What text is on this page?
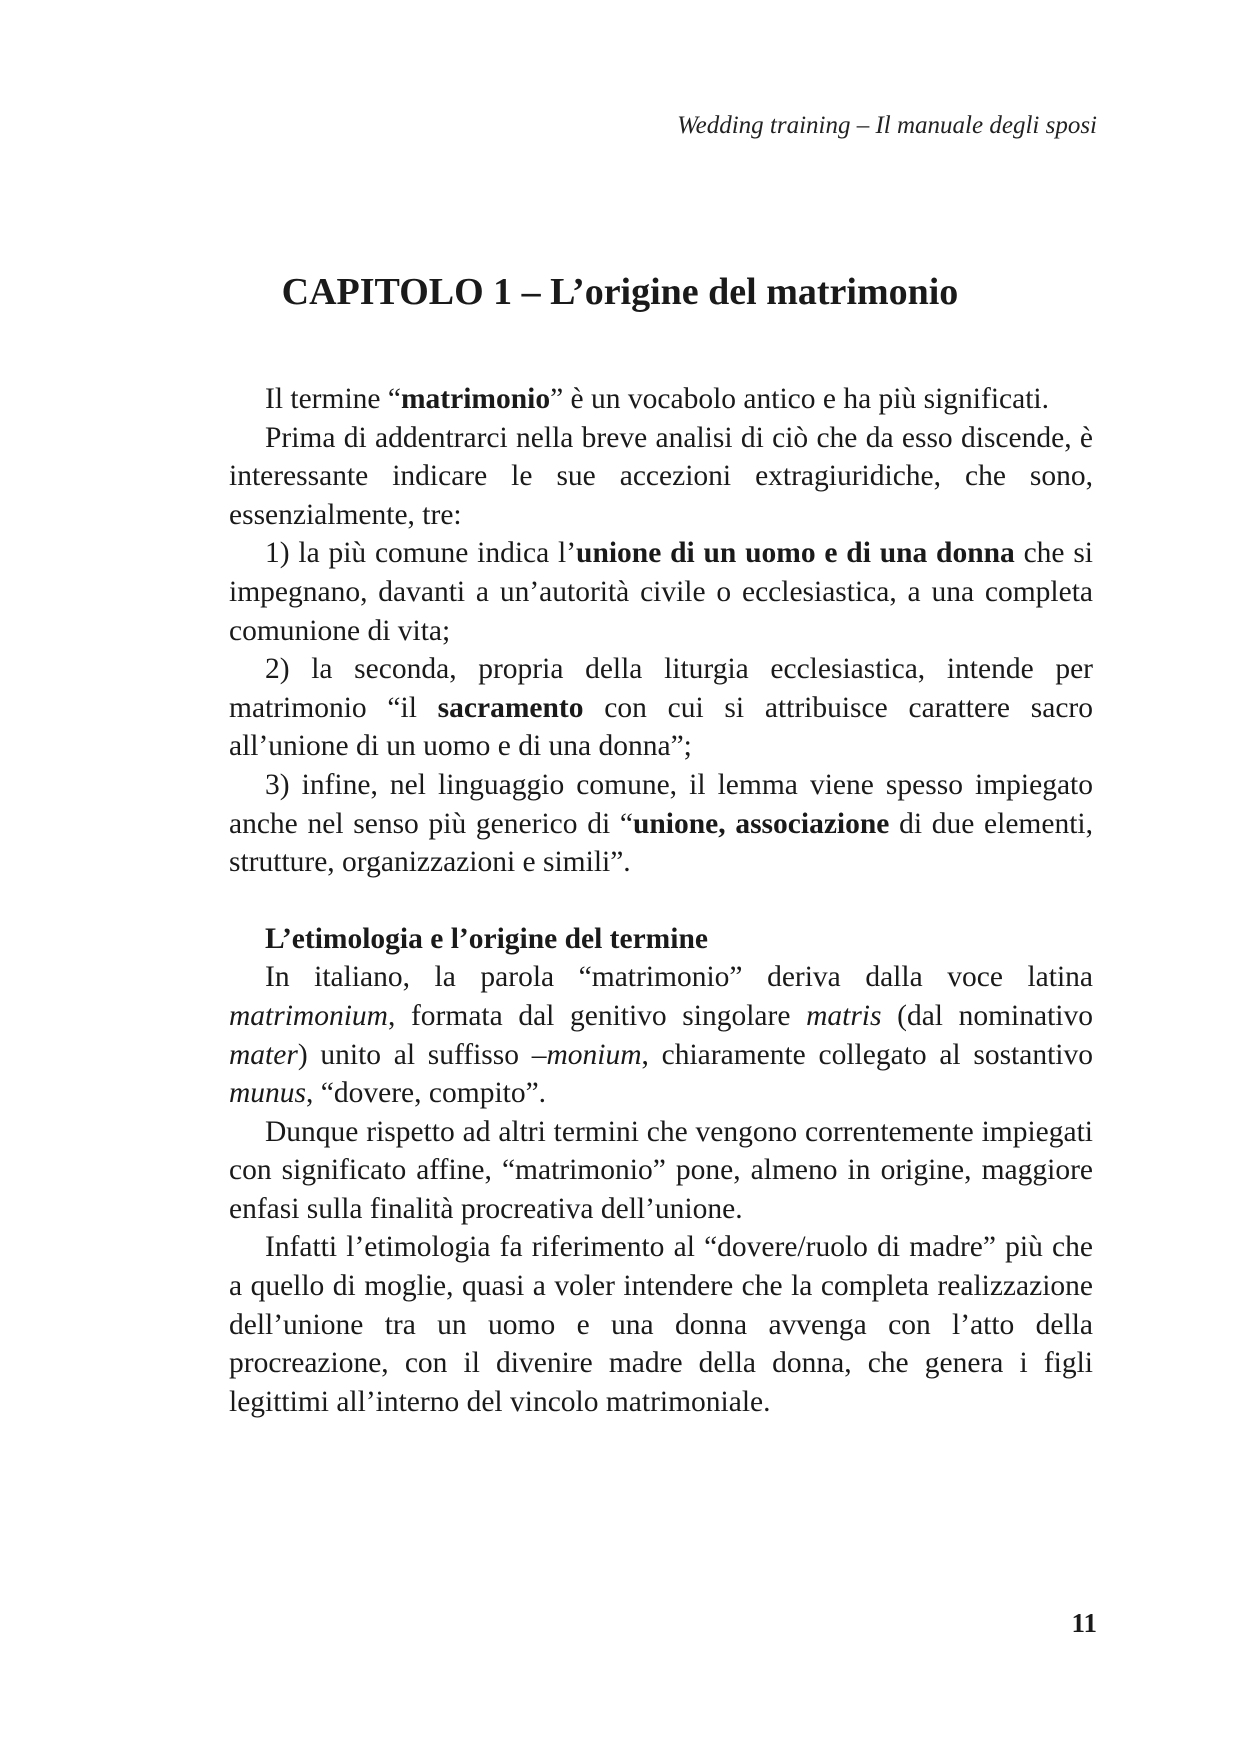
Wedding training – Il manuale degli sposi
CAPITOLO 1 – L’origine del matrimonio

Il termine “matrimonio” è un vocabolo antico e ha più significati.

Prima di addentrarci nella breve analisi di ciò che da esso discende, è interessante indicare le sue accezioni extragiuridiche, che sono, essenzialmente, tre:

1) la più comune indica l’unione di un uomo e di una donna che si impegnano, davanti a un’autorità civile o ecclesiastica, a una completa comunione di vita;

2) la seconda, propria della liturgia ecclesiastica, intende per matrimonio “il sacramento con cui si attribuisce carattere sacro all’unione di un uomo e di una donna”;

3) infine, nel linguaggio comune, il lemma viene spesso impiegato anche nel senso più generico di “unione, associazione di due elementi, strutture, organizzazioni e simili”.

L’etimologia e l’origine del termine

In italiano, la parola “matrimonio” deriva dalla voce latina matrimonium, formata dal genitivo singolare matris (dal nominativo mater) unito al suffisso –monium, chiaramente collegato al sostantivo munus, “dovere, compito”.

Dunque rispetto ad altri termini che vengono correntemente impiegati con significato affine, “matrimonio” pone, almeno in origine, maggiore enfasi sulla finalità procreativa dell’unione.

Infatti l’etimologia fa riferimento al “dovere/ruolo di madre” più che a quello di moglie, quasi a voler intendere che la completa realizzazione dell’unione tra un uomo e una donna avvenga con l’atto della procreazione, con il divenire madre della donna, che genera i figli legittimi all’interno del vincolo matrimoniale.

11
